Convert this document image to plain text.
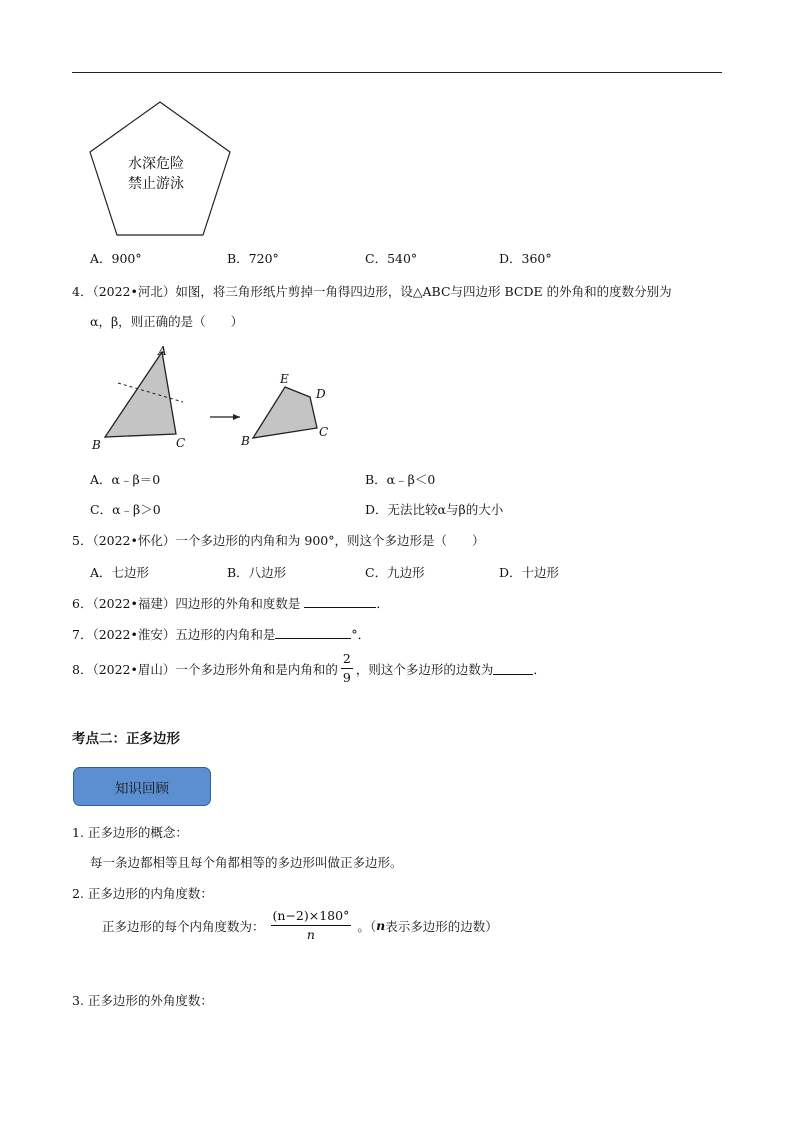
水深危险
禁止游泳
A．900°	B．720°	C．540°	D．360°
4．（2022•河北）如图，将三角形纸片剪掉一角得四边形，设△ABC与四边形 BCDE 的外角和的度数分别为
α，β，则正确的是（　　）
A
B	C
E
D
B
C
A．α﹣β＝0	B．α﹣β＜0
C．α﹣β＞0	D．无法比较α与β的大小
5．（2022•怀化）一个多边形的内角和为 900°，则这个多边形是（　　）
A．七边形	B．八边形	C．九边形	D．十边形
6．（2022•福建）四边形的外角和度数是	．
7．（2022•淮安）五边形的内角和是	°．
8．（2022•眉山）一个多边形外角和是内角和的 $\frac{2}{9}$ ，则这个多边形的边数为	．
考点二：正多边形
知识回顾
1. 正多边形的概念：
每一条边都相等且每个角都相等的多边形叫做正多边形。
2. 正多边形的内角度数：
正多边形的每个内角度数为： $\frac{(n-2)\times 180^\circ}{n}$ 。（ n 表示多边形的边数）
3. 正多边形的外角度数：
